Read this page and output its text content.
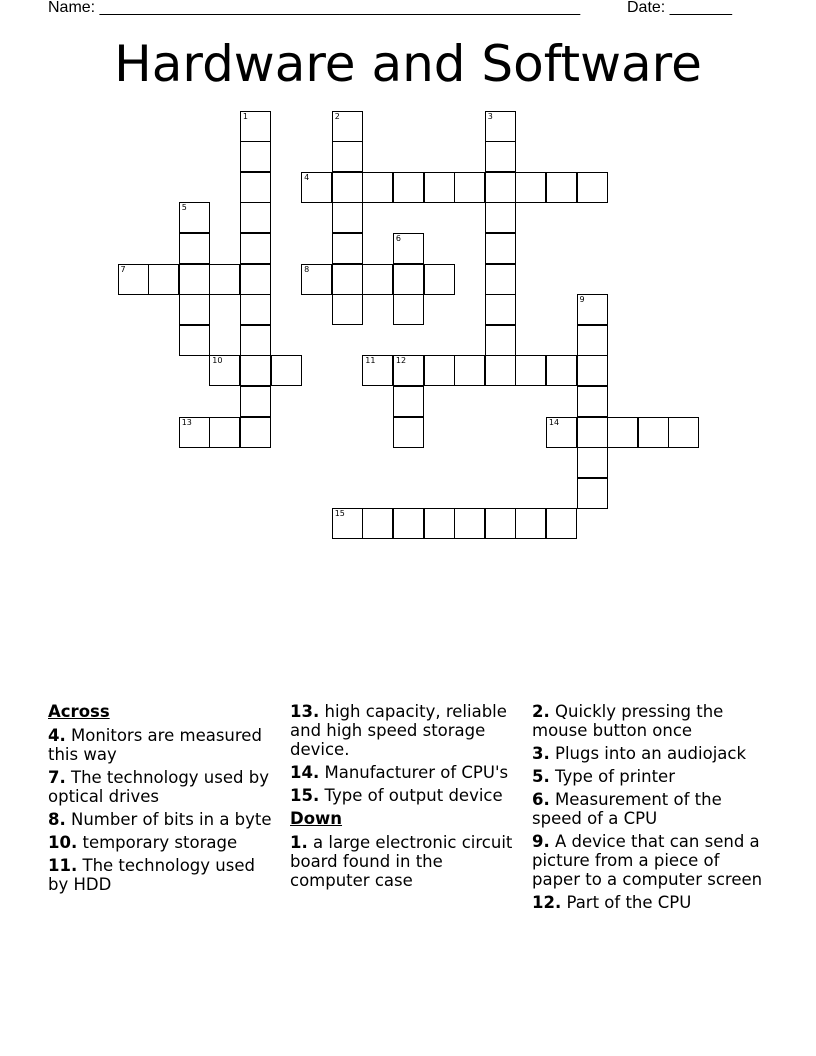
Name: ______________________________________________________	Date: _______
Hardware and Software
1	2	3
4
5
6
7	8
9
10	11	12
13	14
15
Across
4. Monitors are measured this way
7. The technology used by optical drives
8. Number of bits in a byte
10. temporary storage
11. The technology used by HDD
13. high capacity, reliable and high speed storage device.
14. Manufacturer of CPU's
15. Type of output device
Down
1. a large electronic circuit board found in the computer case
2. Quickly pressing the mouse button once
3. Plugs into an audiojack
5. Type of printer
6. Measurement of the speed of a CPU
9. A device that can send a picture from a piece of paper to a computer screen
12. Part of the CPU
